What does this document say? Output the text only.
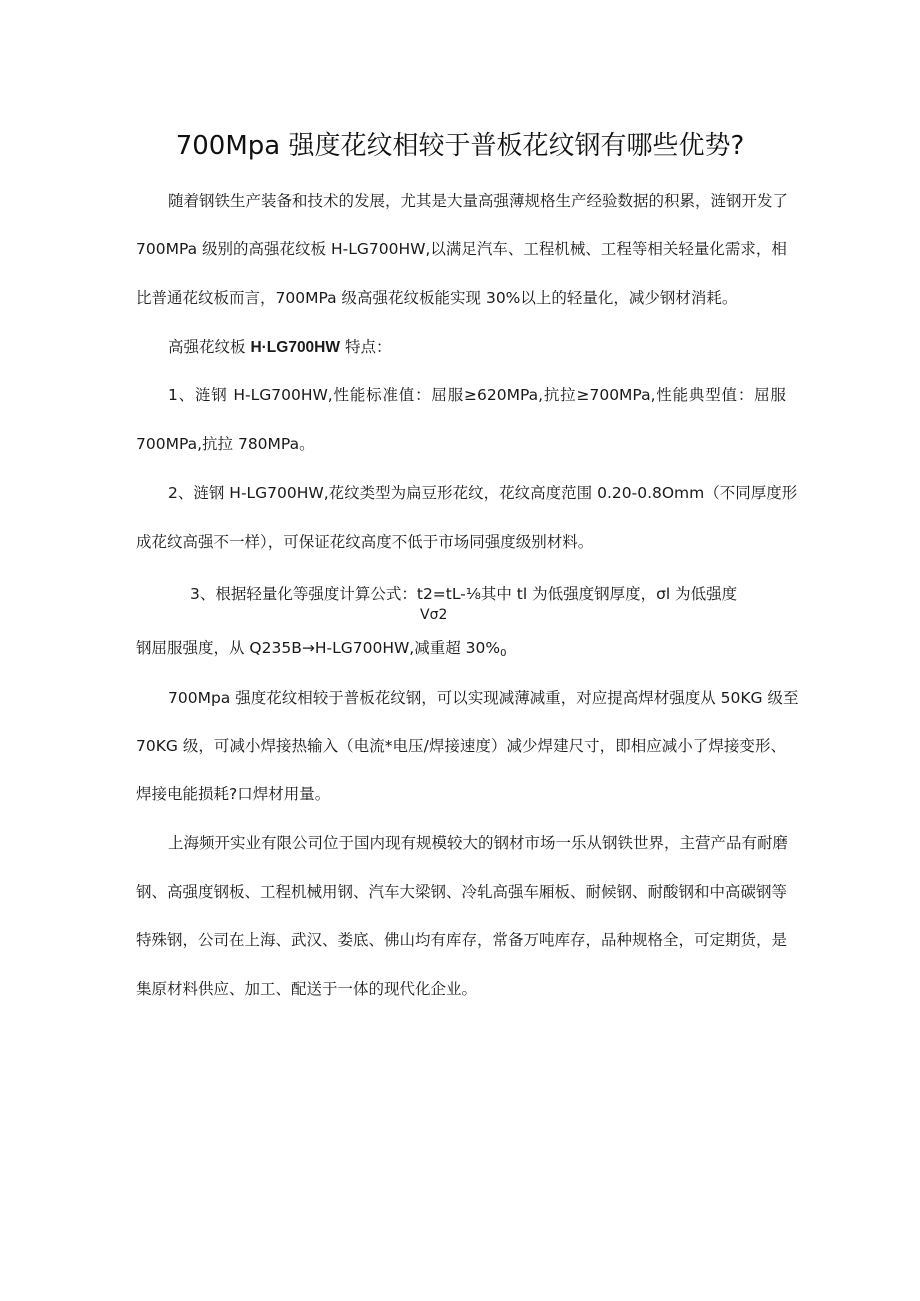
700Mpa 强度花纹相较于普板花纹钢有哪些优势?
随着钢铁生产装备和技术的发展，尤其是大量高强薄规格生产经验数据的积累，涟钢开发了
700MPa 级别的高强花纹板 H-LG700HW,以满足汽车、工程机械、工程等相关轻量化需求，相
比普通花纹板而言，700MPa 级高强花纹板能实现 30%以上的轻量化，减少钢材消耗。
高强花纹板 H·LG700HW 特点：
1、涟钢 H-LG700HW,性能标准值：屈服≥620MPa,抗拉≥700MPa,性能典型值：屈服
700MPa,抗拉 780MPa。
2、涟钢 H-LG700HW,花纹类型为扁豆形花纹，花纹高度范围 0.20-0.8Omm（不同厚度形
成花纹高强不一样），可保证花纹高度不低于市场同强度级别材料。
3、根据轻量化等强度计算公式：t2=tL-⅛其中 tl 为低强度钢厚度，σl 为低强度
Vσ2
钢屈服强度，从 Q235B→H-LG700HW,减重超 $30\%_0$
700Mpa 强度花纹相较于普板花纹钢，可以实现减薄减重，对应提高焊材强度从 50KG 级至
70KG 级，可减小焊接热输入（电流*电压/焊接速度）减少焊建尺寸，即相应减小了焊接变形、
焊接电能损耗?口焊材用量。
上海频开实业有限公司位于国内现有规模较大的钢材市场一乐从钢铁世界，主营产品有耐磨
钢、高强度钢板、工程机械用钢、汽车大梁钢、冷轧高强车厢板、耐候钢、耐酸钢和中高碳钢等
特殊钢，公司在上海、武汉、娄底、佛山均有库存，常备万吨库存，品种规格全，可定期货，是
集原材料供应、加工、配送于一体的现代化企业。
